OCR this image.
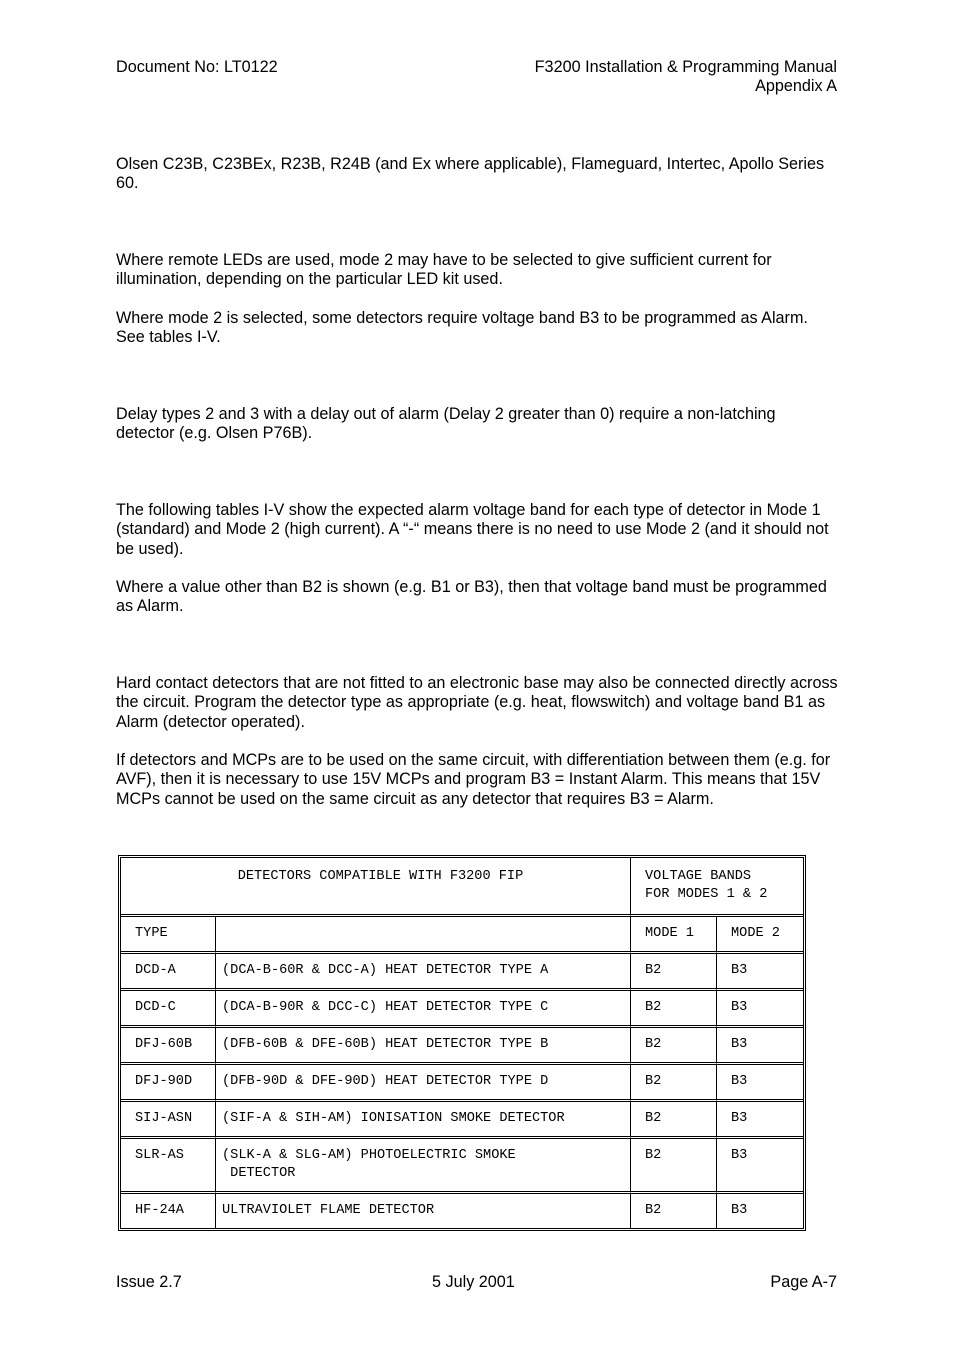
Document No: LT0122	F3200 Installation & Programming Manual
Appendix A

Olsen C23B, C23BEx, R23B, R24B (and Ex where applicable), Flameguard, Intertec, Apollo Series 60.

Where remote LEDs are used, mode 2 may have to be selected to give sufficient current for illumination, depending on the particular LED kit used.

Where mode 2 is selected, some detectors require voltage band B3 to be programmed as Alarm. See tables I-V.

Delay types 2 and 3 with a delay out of alarm (Delay 2 greater than 0) require a non-latching detector (e.g. Olsen P76B).

The following tables I-V show the expected alarm voltage band for each type of detector in Mode 1 (standard) and Mode 2 (high current). A “-“ means there is no need to use Mode 2 (and it should not be used).

Where a value other than B2 is shown (e.g. B1 or B3), then that voltage band must be programmed as Alarm.

Hard contact detectors that are not fitted to an electronic base may also be connected directly across the circuit. Program the detector type as appropriate (e.g. heat, flowswitch) and voltage band B1 as Alarm (detector operated).

If detectors and MCPs are to be used on the same circuit, with differentiation between them (e.g. for AVF), then it is necessary to use 15V MCPs and program B3 = Instant Alarm. This means that 15V MCPs cannot be used on the same circuit as any detector that requires B3 = Alarm.

DETECTORS COMPATIBLE WITH F3200 FIP		VOLTAGE BANDS
FOR MODES 1 & 2	

TYPE		MODE 1	MODE 2

DCD-A	(DCA-B-60R & DCC-A) HEAT DETECTOR TYPE A	B2	B3

DCD-C	(DCA-B-90R & DCC-C) HEAT DETECTOR TYPE C	B2	B3

DFJ-60B	(DFB-60B & DFE-60B) HEAT DETECTOR TYPE B	B2	B3

DFJ-90D	(DFB-90D & DFE-90D) HEAT DETECTOR TYPE D	B2	B3

SIJ-ASN	(SIF-A & SIH-AM) IONISATION SMOKE DETECTOR	B2	B3

SLR-AS	(SLK-A & SLG-AM) PHOTOELECTRIC SMOKE
DETECTOR	B2	B3

HF-24A	ULTRAVIOLET FLAME DETECTOR	B2	B3
Issue 2.7	5 July 2001	Page A-7
